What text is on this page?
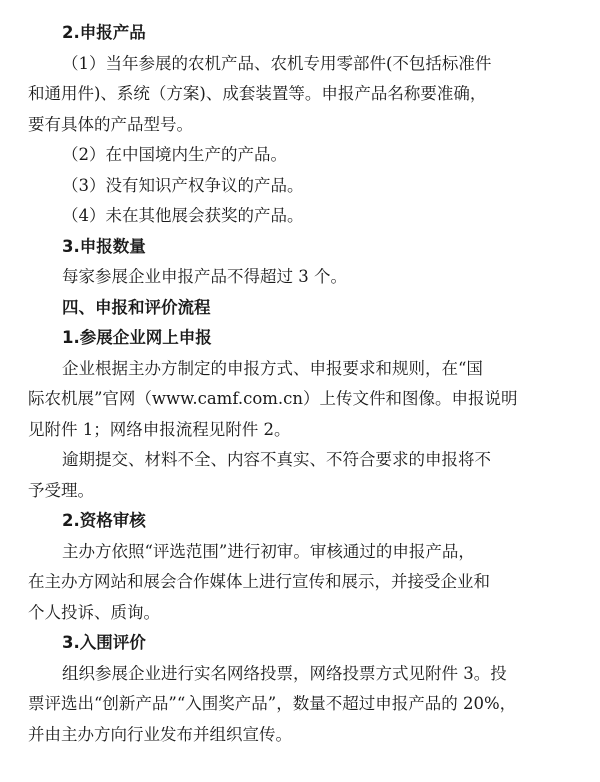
2.申报产品

（1）当年参展的农机产品、农机专用零部件(不包括标准件
和通用件)、系统（方案)、成套装置等。申报产品名称要准确，
要有具体的产品型号。

（2）在中国境内生产的产品。

（3）没有知识产权争议的产品。

（4）未在其他展会获奖的产品。

3.申报数量

每家参展企业申报产品不得超过 3 个。

四、申报和评价流程

1.参展企业网上申报

企业根据主办方制定的申报方式、申报要求和规则，在“国
际农机展”官网（www.camf.com.cn）上传文件和图像。申报说明
见附件 1；网络申报流程见附件 2。
逾期提交、材料不全、内容不真实、不符合要求的申报将不
予受理。

2.资格审核

主办方依照“评选范围”进行初审。审核通过的申报产品，
在主办方网站和展会合作媒体上进行宣传和展示，并接受企业和
个人投诉、质询。

3.入围评价

组织参展企业进行实名网络投票，网络投票方式见附件 3。投
票评选出“创新产品”“入围奖产品”，数量不超过申报产品的 20%，
并由主办方向行业发布并组织宣传。
